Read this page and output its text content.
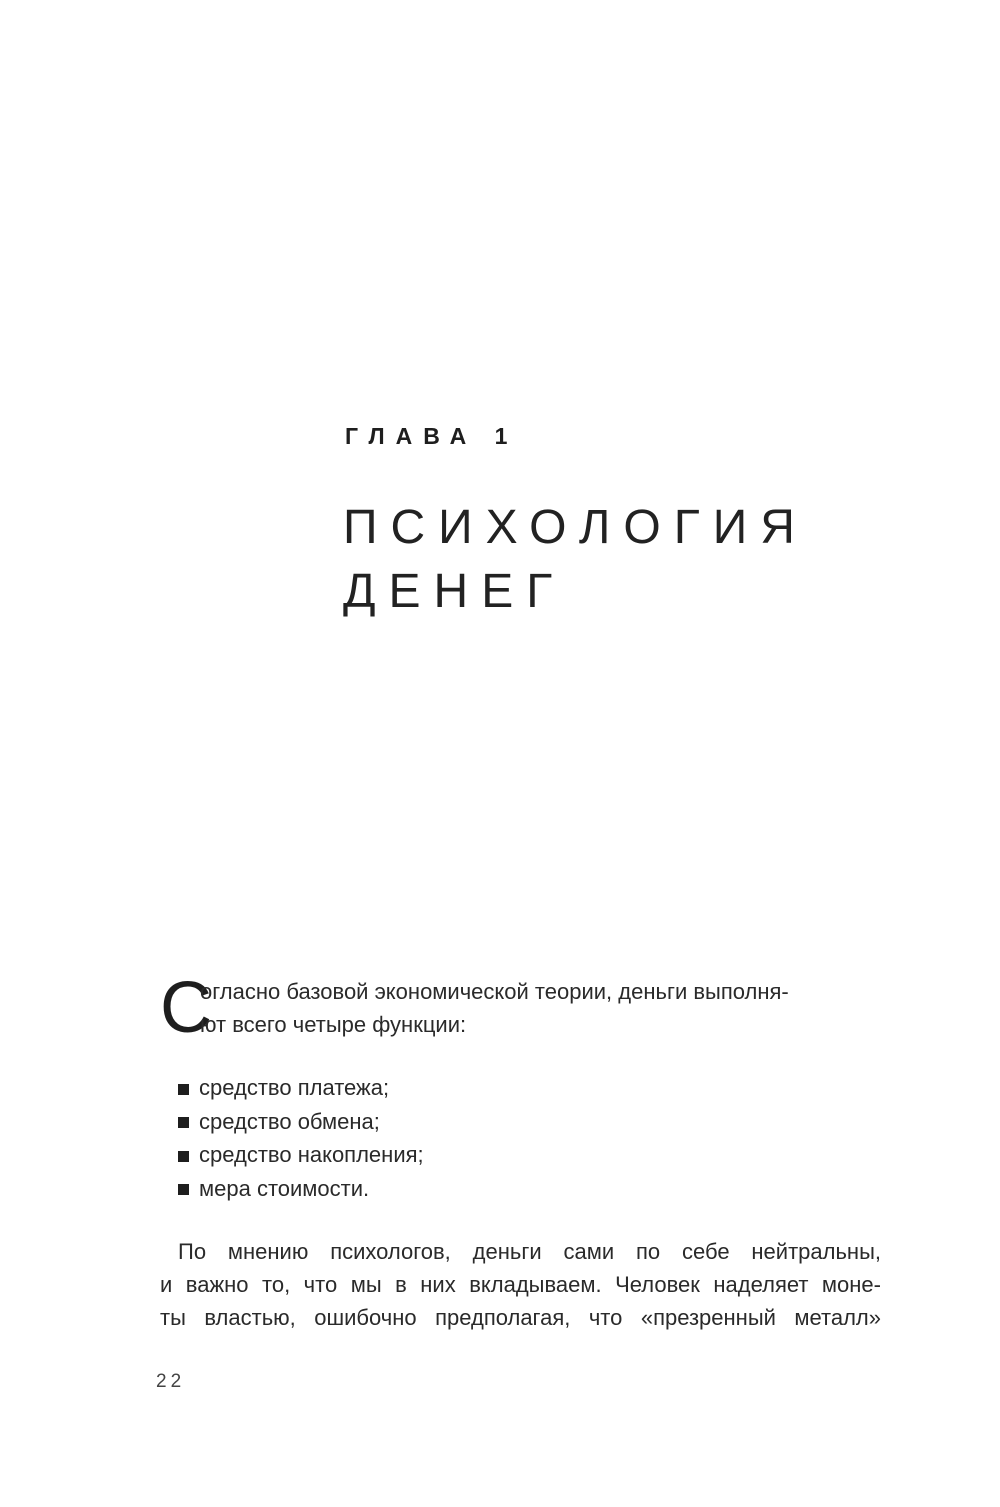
ГЛАВА 1
ПСИХОЛОГИЯ
ДЕНЕГ
С
огласно базовой экономической теории, деньги выполня-
ют всего четыре функции:
средство платежа;
средство обмена;
средство накопления;
мера стоимости.
По мнению психологов, деньги сами по себе нейтральны,
и важно то, что мы в них вкладываем. Человек наделяет моне-
ты властью, ошибочно предполагая, что «презренный металл»
22
